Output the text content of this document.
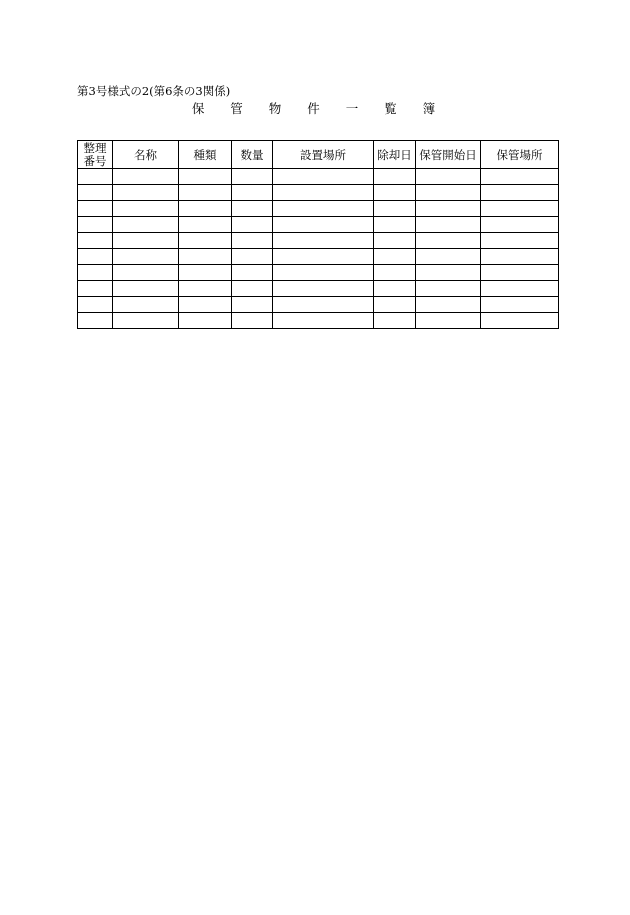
第3号様式の2(第6条の3関係)
保 管 物 件 一 覧 簿
整理
番号	名称	種類	数量	設置場所	除却日	保管開始日	保管場所
